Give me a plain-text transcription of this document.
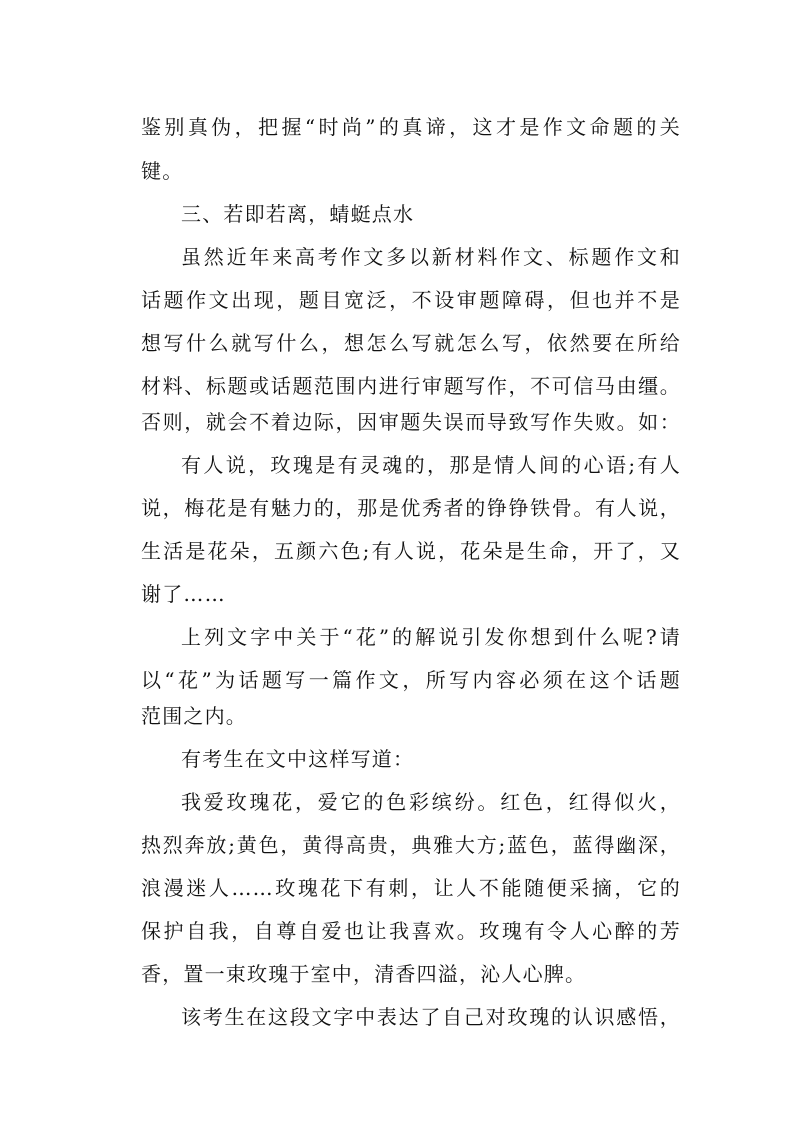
鉴别真伪，把握“时尚”的真谛，这才是作文命题的关
键。
三、若即若离，蜻蜓点水
虽然近年来高考作文多以新材料作文、标题作文和
话题作文出现，题目宽泛，不设审题障碍，但也并不是
想写什么就写什么，想怎么写就怎么写，依然要在所给
材料、标题或话题范围内进行审题写作，不可信马由缰。
否则，就会不着边际，因审题失误而导致写作失败。如：
有人说，玫瑰是有灵魂的，那是情人间的心语;有人
说，梅花是有魅力的，那是优秀者的铮铮铁骨。有人说，
生活是花朵，五颜六色;有人说，花朵是生命，开了，又
谢了……
上列文字中关于“花”的解说引发你想到什么呢?请
以“花”为话题写一篇作文，所写内容必须在这个话题
范围之内。
有考生在文中这样写道：
我爱玫瑰花，爱它的色彩缤纷。红色，红得似火，
热烈奔放;黄色，黄得高贵，典雅大方;蓝色，蓝得幽深，
浪漫迷人……玫瑰花下有刺，让人不能随便采摘，它的
保护自我，自尊自爱也让我喜欢。玫瑰有令人心醉的芳
香，置一束玫瑰于室中，清香四溢，沁人心脾。
该考生在这段文字中表达了自己对玫瑰的认识感悟，
